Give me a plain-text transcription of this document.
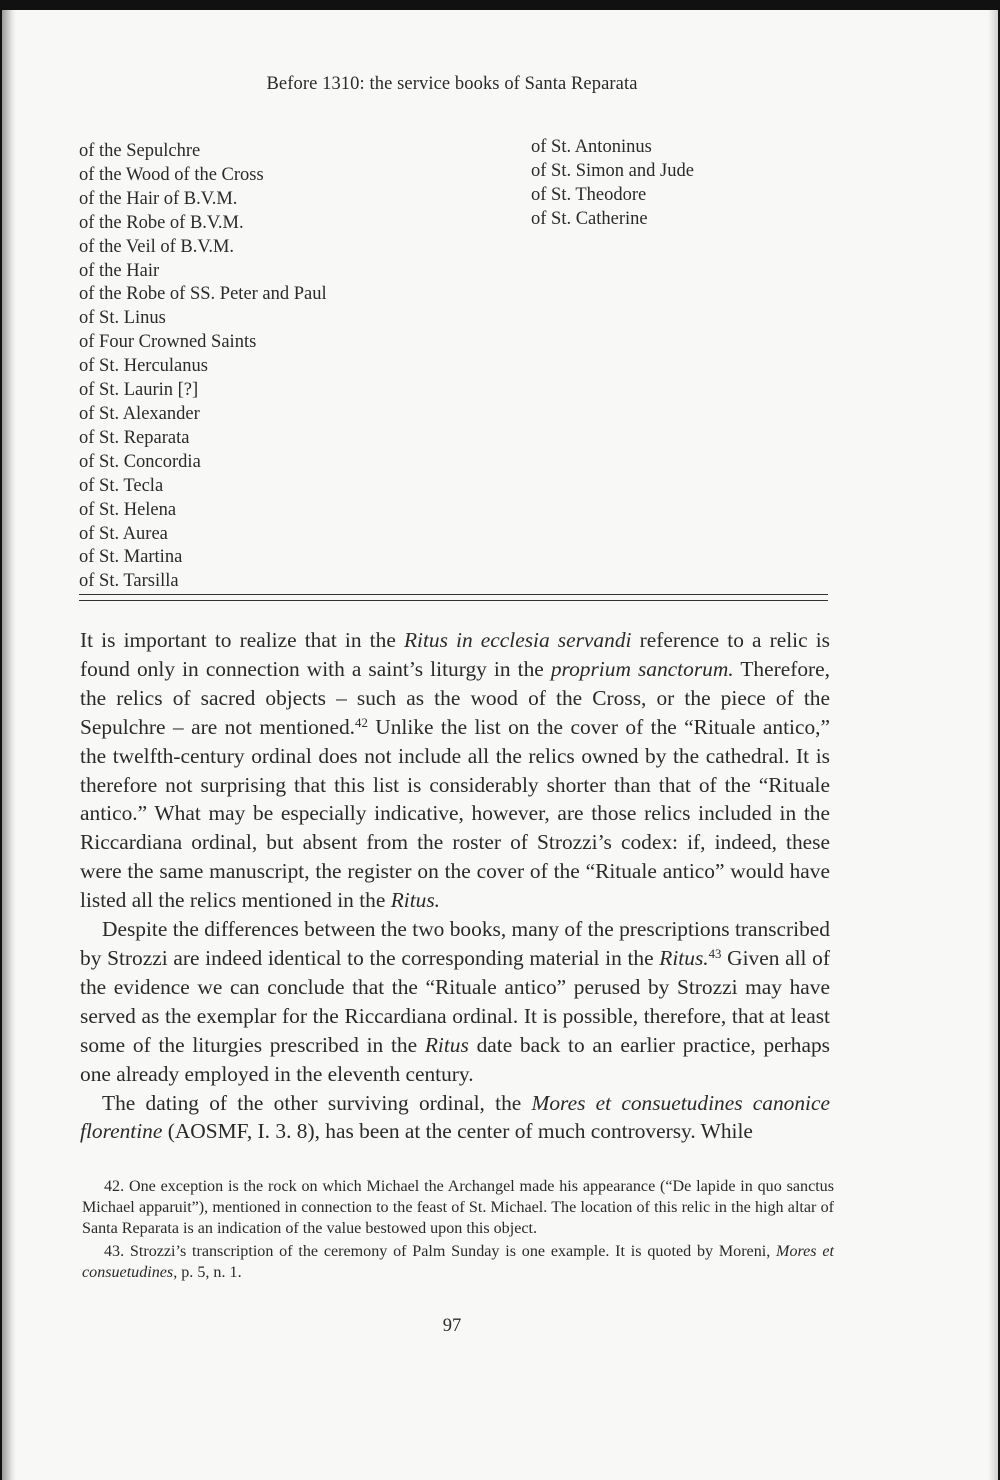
Before 1310: the service books of Santa Reparata
of the Sepulchre
of the Wood of the Cross
of the Hair of B.V.M.
of the Robe of B.V.M.
of the Veil of B.V.M.
of the Hair
of the Robe of SS. Peter and Paul
of St. Linus
of Four Crowned Saints
of St. Herculanus
of St. Laurin [?]
of St. Alexander
of St. Reparata
of St. Concordia
of St. Tecla
of St. Helena
of St. Aurea
of St. Martina
of St. Tarsilla
of St. Antoninus
of St. Simon and Jude
of St. Theodore
of St. Catherine

It is important to realize that in the Ritus in ecclesia servandi reference to a relic is found only in connection with a saint’s liturgy in the proprium sanctorum. Therefore, the relics of sacred objects – such as the wood of the Cross, or the piece of the Sepulchre – are not mentioned.$^{42}$ Unlike the list on the cover of the “Rituale antico,” the twelfth-century ordinal does not include all the relics owned by the cathedral. It is therefore not surprising that this list is considerably shorter than that of the “Rituale antico.” What may be especially indicative, however, are those relics included in the Riccardiana ordinal, but absent from the roster of Strozzi’s codex: if, indeed, these were the same manuscript, the register on the cover of the “Rituale antico” would have listed all the relics mentioned in the Ritus.

Despite the differences between the two books, many of the prescriptions transcribed by Strozzi are indeed identical to the corresponding material in the Ritus.$^{43}$ Given all of the evidence we can conclude that the “Rituale antico” perused by Strozzi may have served as the exemplar for the Riccardiana ordinal. It is possible, therefore, that at least some of the liturgies prescribed in the Ritus date back to an earlier practice, perhaps one already employed in the eleventh century.

The dating of the other surviving ordinal, the Mores et consuetudines canonice florentine (AOSMF, I. 3. 8), has been at the center of much controversy. While

42. One exception is the rock on which Michael the Archangel made his appearance (“De lapide in quo sanctus Michael apparuit”), mentioned in connection to the feast of St. Michael. The location of this relic in the high altar of Santa Reparata is an indication of the value bestowed upon this object.

43. Strozzi’s transcription of the ceremony of Palm Sunday is one example. It is quoted by Moreni, Mores et consuetudines, p. 5, n. 1.

97
